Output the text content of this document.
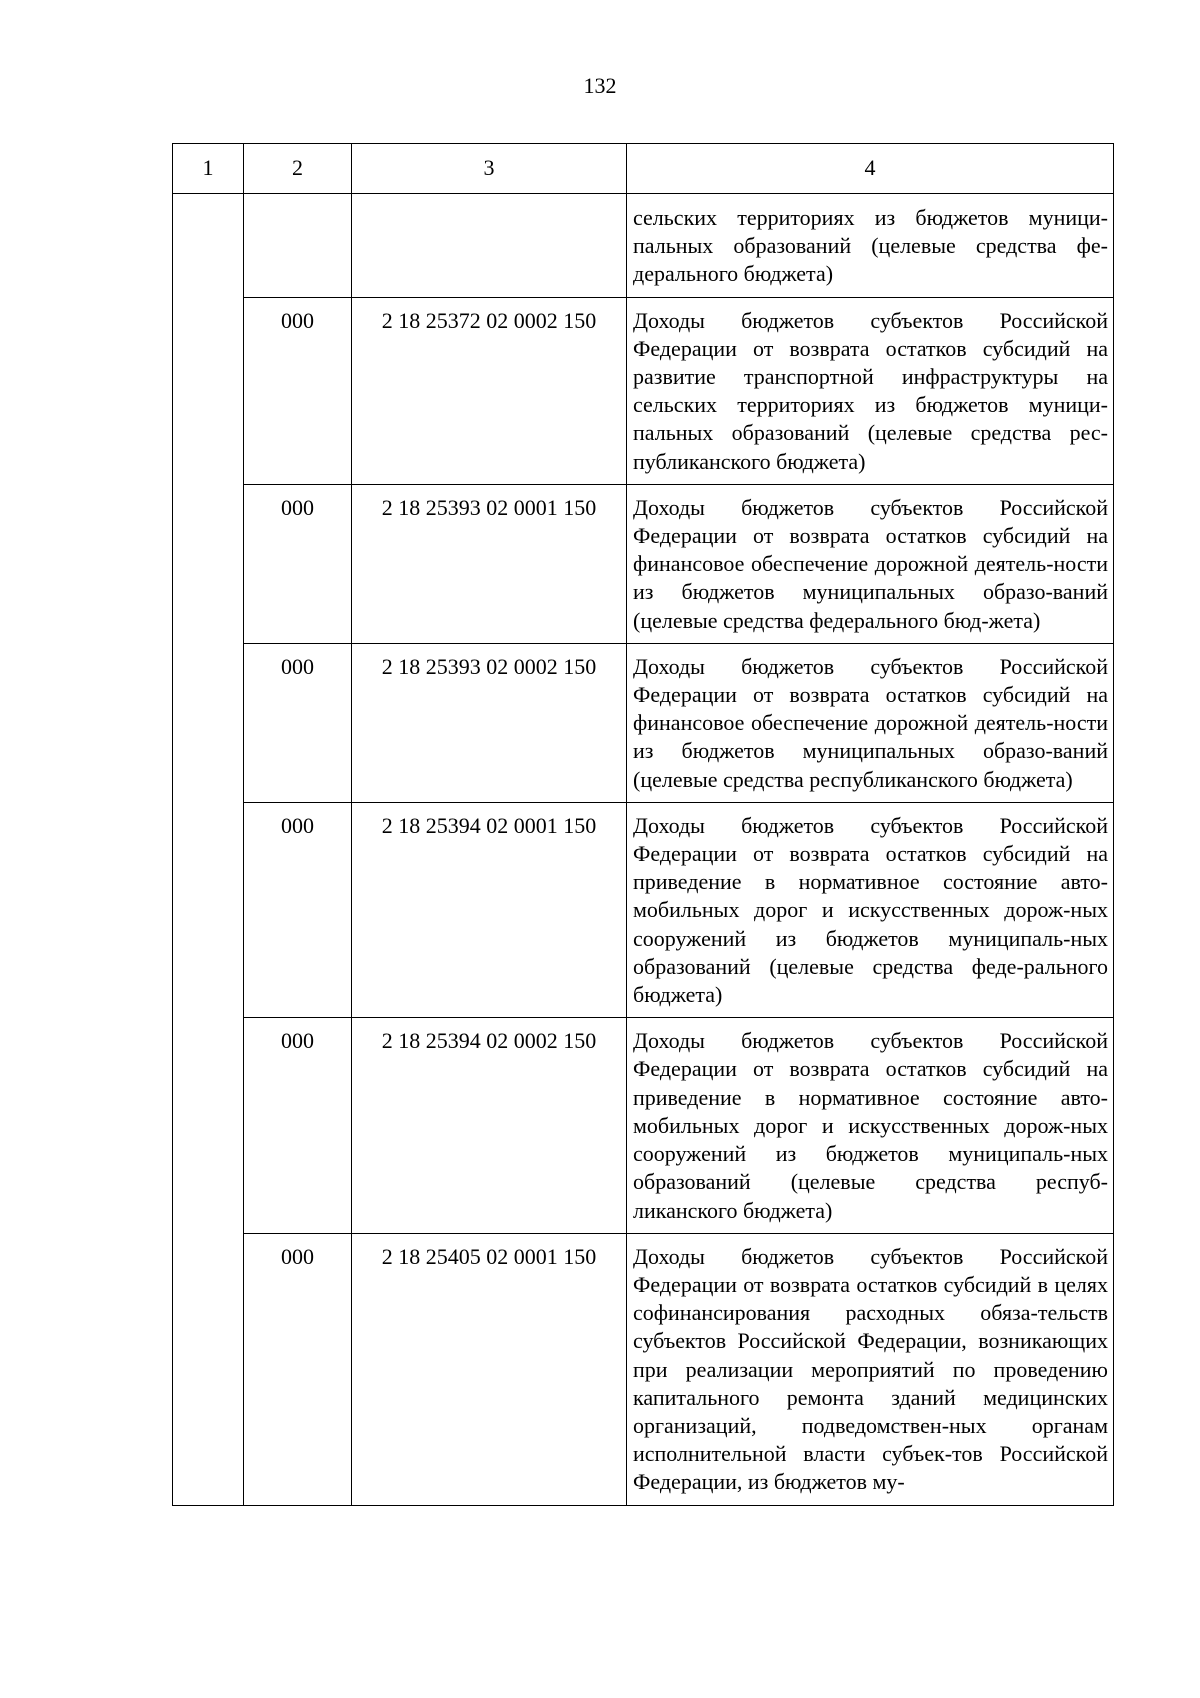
132
1	2	3	4
			сельских территориях из бюджетов муници-пальных образований (целевые средства фе-дерального бюджета)
	000	2 18 25372 02 0002 150	Доходы бюджетов субъектов Российской Федерации от возврата остатков субсидий на развитие транспортной инфраструктуры на сельских территориях из бюджетов муници-пальных образований (целевые средства рес-публиканского бюджета)
	000	2 18 25393 02 0001 150	Доходы бюджетов субъектов Российской Федерации от возврата остатков субсидий на финансовое обеспечение дорожной деятель-ности из бюджетов муниципальных образо-ваний (целевые средства федерального бюд-жета)
	000	2 18 25393 02 0002 150	Доходы бюджетов субъектов Российской Федерации от возврата остатков субсидий на финансовое обеспечение дорожной деятель-ности из бюджетов муниципальных образо-ваний (целевые средства республиканского бюджета)
	000	2 18 25394 02 0001 150	Доходы бюджетов субъектов Российской Федерации от возврата остатков субсидий на приведение в нормативное состояние авто-мобильных дорог и искусственных дорож-ных сооружений из бюджетов муниципаль-ных образований (целевые средства феде-рального бюджета)
	000	2 18 25394 02 0002 150	Доходы бюджетов субъектов Российской Федерации от возврата остатков субсидий на приведение в нормативное состояние авто-мобильных дорог и искусственных дорож-ных сооружений из бюджетов муниципаль-ных образований (целевые средства респуб-ликанского бюджета)
	000	2 18 25405 02 0001 150	Доходы бюджетов субъектов Российской Федерации от возврата остатков субсидий в целях софинансирования расходных обяза-тельств субъектов Российской Федерации, возникающих при реализации мероприятий по проведению капитального ремонта зданий медицинских организаций, подведомствен-ных органам исполнительной власти субъек-тов Российской Федерации, из бюджетов му-
